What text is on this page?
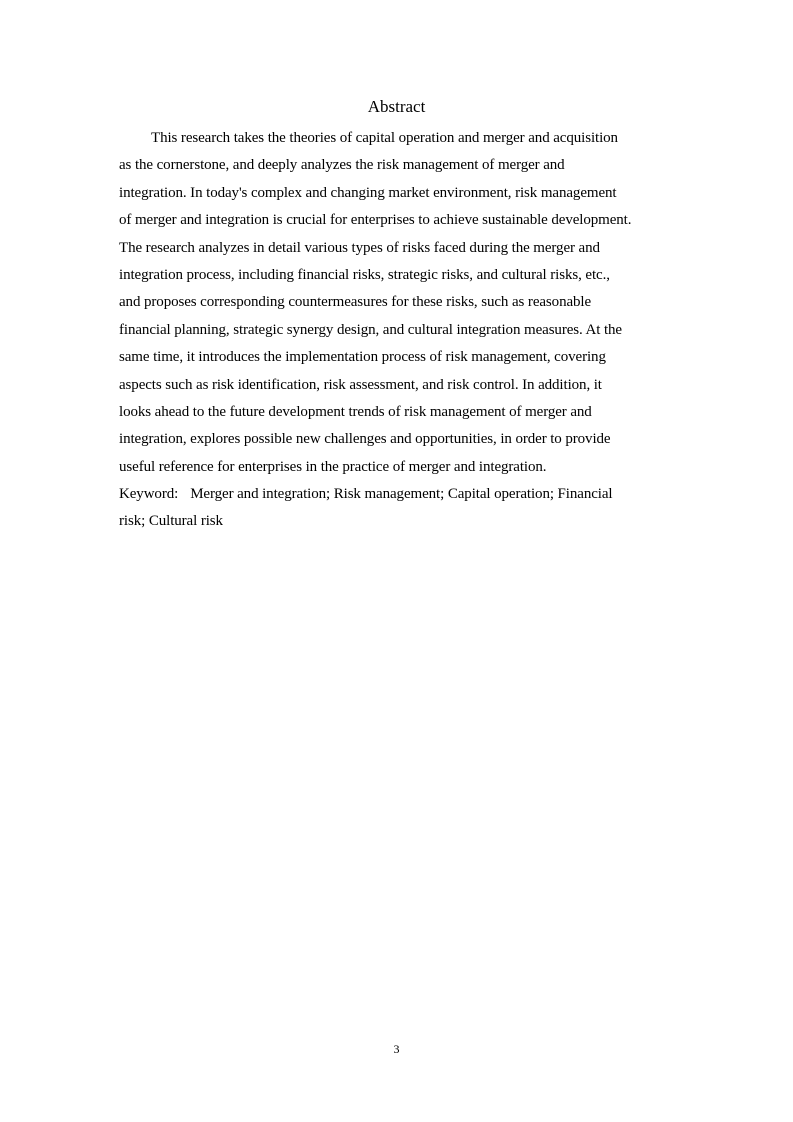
Abstract
This research takes the theories of capital operation and merger and acquisition
as the cornerstone, and deeply analyzes the risk management of merger and
integration. In today's complex and changing market environment, risk management
of merger and integration is crucial for enterprises to achieve sustainable development.
The research analyzes in detail various types of risks faced during the merger and
integration process, including financial risks, strategic risks, and cultural risks, etc.,
and proposes corresponding countermeasures for these risks, such as reasonable
financial planning, strategic synergy design, and cultural integration measures. At the
same time, it introduces the implementation process of risk management, covering
aspects such as risk identification, risk assessment, and risk control. In addition, it
looks ahead to the future development trends of risk management of merger and
integration, explores possible new challenges and opportunities, in order to provide
useful reference for enterprises in the practice of merger and integration.
Keyword: Merger and integration; Risk management; Capital operation; Financial
risk; Cultural risk
3
